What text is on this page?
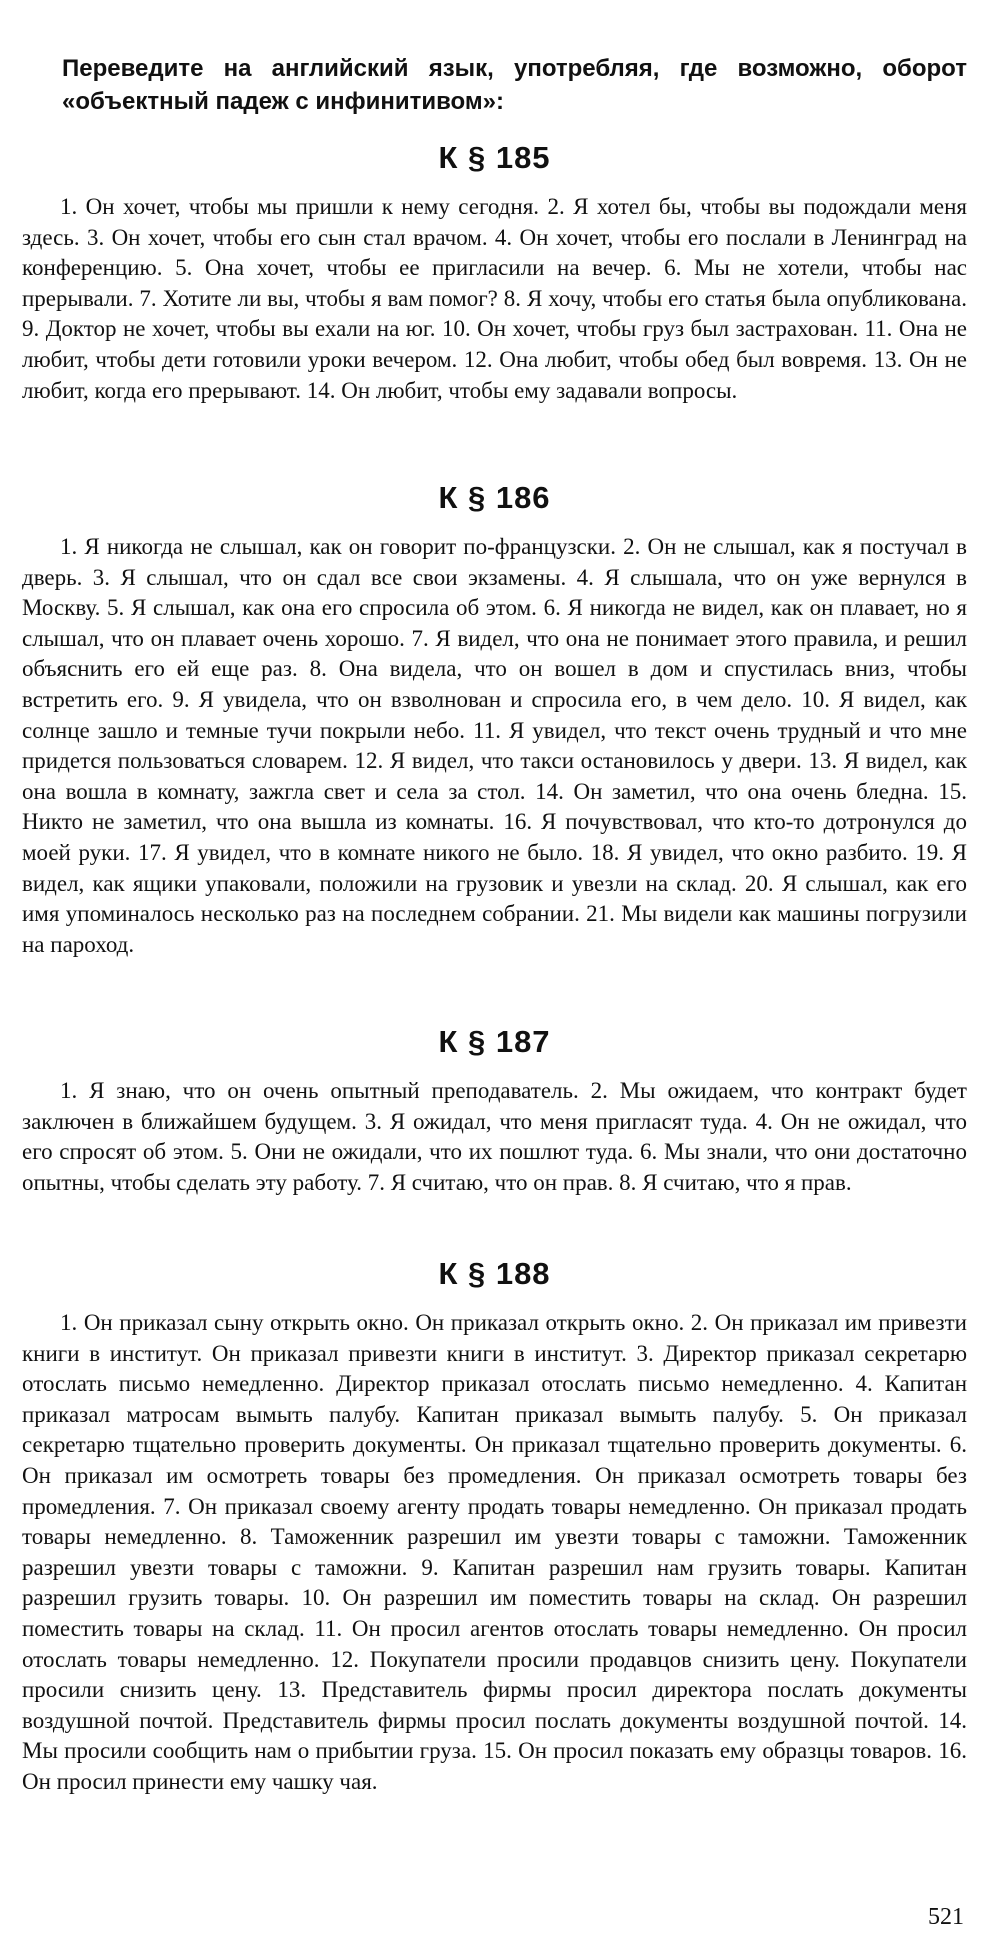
Переведите на английский язык, употребляя, где возможно, оборот «объектный падеж с инфинитивом»:

К § 185

1. Он хочет, чтобы мы пришли к нему сегодня. 2. Я хотел бы, чтобы вы подождали меня здесь. 3. Он хочет, чтобы его сын стал врачом. 4. Он хочет, чтобы его послали в Ленинград на конференцию. 5. Она хочет, чтобы ее пригласили на вечер. 6. Мы не хотели, чтобы нас прерывали. 7. Хотите ли вы, чтобы я вам помог? 8. Я хочу, чтобы его статья была опубликована. 9. Доктор не хочет, чтобы вы ехали на юг. 10. Он хочет, чтобы груз был застрахован. 11. Она не любит, чтобы дети готовили уроки вечером. 12. Она любит, чтобы обед был вовремя. 13. Он не любит, когда его прерывают. 14. Он любит, чтобы ему задавали вопросы.

К § 186

1. Я никогда не слышал, как он говорит по-французски. 2. Он не слышал, как я постучал в дверь. 3. Я слышал, что он сдал все свои экзамены. 4. Я слышала, что он уже вернулся в Москву. 5. Я слышал, как она его спросила об этом. 6. Я никогда не видел, как он плавает, но я слышал, что он плавает очень хорошо. 7. Я видел, что она не понимает этого правила, и решил объяснить его ей еще раз. 8. Она видела, что он вошел в дом и спустилась вниз, чтобы встретить его. 9. Я увидела, что он взволнован и спросила его, в чем дело. 10. Я видел, как солнце зашло и темные тучи покрыли небо. 11. Я увидел, что текст очень трудный и что мне придется пользоваться словарем. 12. Я видел, что такси остановилось у двери. 13. Я видел, как она вошла в комнату, зажгла свет и села за стол. 14. Он заметил, что она очень бледна. 15. Никто не заметил, что она вышла из комнаты. 16. Я почувствовал, что кто-то дотронулся до моей руки. 17. Я увидел, что в комнате никого не было. 18. Я увидел, что окно разбито. 19. Я видел, как ящики упаковали, положили на грузовик и увезли на склад. 20. Я слышал, как его имя упоминалось несколько раз на последнем собрании. 21. Мы видели как машины погрузили на пароход.

К § 187

1. Я знаю, что он очень опытный преподаватель. 2. Мы ожидаем, что контракт будет заключен в ближайшем будущем. 3. Я ожидал, что меня пригласят туда. 4. Он не ожидал, что его спросят об этом. 5. Они не ожидали, что их пошлют туда. 6. Мы знали, что они достаточно опытны, чтобы сделать эту работу. 7. Я считаю, что он прав. 8. Я считаю, что я прав.

К § 188

1. Он приказал сыну открыть окно. Он приказал открыть окно. 2. Он приказал им привезти книги в институт. Он приказал привезти книги в институт. 3. Директор приказал секретарю отослать письмо немедленно. Директор приказал отослать письмо немедленно. 4. Капитан приказал матросам вымыть палубу. Капитан приказал вымыть палубу. 5. Он приказал секретарю тщательно проверить документы. Он приказал тщательно проверить документы. 6. Он приказал им осмотреть товары без промедления. Он приказал осмотреть товары без промедления. 7. Он приказал своему агенту продать товары немедленно. Он приказал продать товары немедленно. 8. Таможенник разрешил им увезти товары с таможни. Таможенник разрешил увезти товары с таможни. 9. Капитан разрешил нам грузить товары. Капитан разрешил грузить товары. 10. Он разрешил им поместить товары на склад. Он разрешил поместить товары на склад. 11. Он просил агентов отослать товары немедленно. Он просил отослать товары немедленно. 12. Покупатели просили продавцов снизить цену. Покупатели просили снизить цену. 13. Представитель фирмы просил директора послать документы воздушной почтой. Представитель фирмы просил послать документы воздушной почтой. 14. Мы просили сообщить нам о прибытии груза. 15. Он просил показать ему образцы товаров. 16. Он просил принести ему чашку чая.

521
